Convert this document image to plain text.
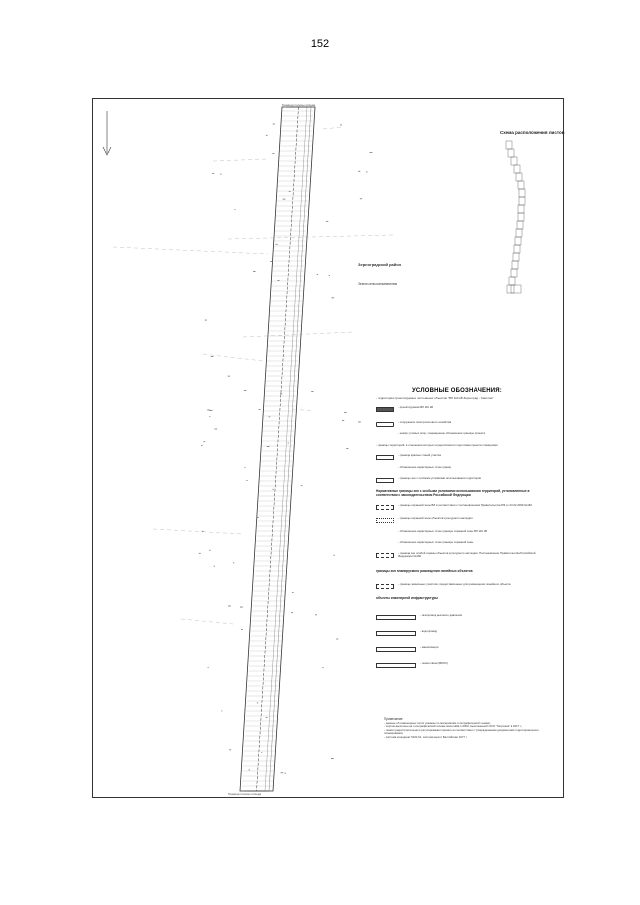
152
Схема расположения листов
Зерноградский район
Земли сельхозназначения
Граница полосы отвода
Граница полосы отвода
УСЛОВНЫЕ ОБОЗНАЧЕНИЯ:
- территория проектируемых постоянных объектов "ВЛ 110 кВ Зерноград - Светлая"
- проектируемая ВЛ 110 кВ
- сооружение электросетевого хозяйства
- номер угловых опор, сокращенное обозначение границы проекта
- границы территорий, в отношении которых осуществляется подготовка проекта планировки
- граница красных линий участка
- обозначение характерных точек границ
- границы зон с особыми условиями использования территории
Нормативные границы зон с особыми условиями использования территорий, установленные в соответствии с законодательством Российской Федерации
- границы охранной зоны ВЛ в соответствии с постановлением Правительства РФ от 24.02.2009 №160
- границы охранной зоны объектов культурного наследия
- обозначение характерных точек границы охранной зоны ВЛ 110 кВ
- обозначение характерных точек границы охранной зоны
- граница зон особой охраны объектов культурного наследия, Постановление Правительства Российской Федерации №160
границы зон планируемого размещения линейных объектов
- границы земельных участков, предоставленных для размещения линейного объекта
объекты инженерной инфраструктуры
- газопровод высокого давления
- водопровод
- канализация
- линия связи (ВОЛС)
Примечание:
- данные об инженерных сетях указаны по материалам топографической съемки;
- чертеж выполнен на топографической основе масштаба 1:2000, выполненной ООО "Гипрозем" в 2017 г.;
- линии градостроительного регулирования приняты в соответствии с утвержденными документами территориального планирования;
- система координат МСК-61, система высот Балтийская 1977 г.
